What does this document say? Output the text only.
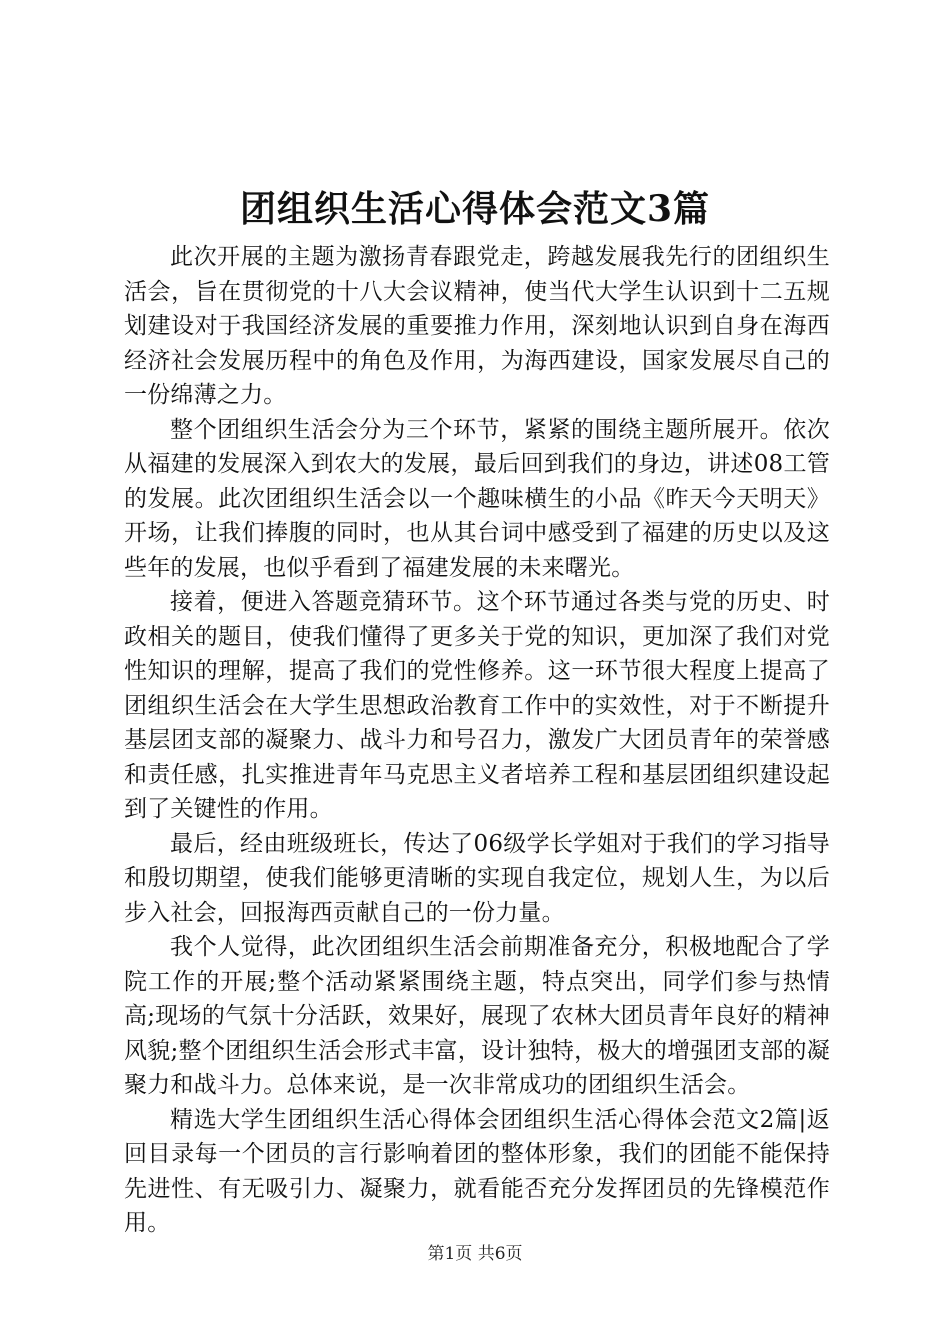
团组织生活心得体会范文3篇

此次开展的主题为激扬青春跟党走，跨越发展我先行的团组织生活会，旨在贯彻党的十八大会议精神，使当代大学生认识到十二五规划建设对于我国经济发展的重要推力作用，深刻地认识到自身在海西经济社会发展历程中的角色及作用，为海西建设，国家发展尽自己的一份绵薄之力。

整个团组织生活会分为三个环节，紧紧的围绕主题所展开。依次从福建的发展深入到农大的发展，最后回到我们的身边，讲述08工管的发展。此次团组织生活会以一个趣味横生的小品《昨天今天明天》开场，让我们捧腹的同时，也从其台词中感受到了福建的历史以及这些年的发展，也似乎看到了福建发展的未来曙光。

接着，便进入答题竞猜环节。这个环节通过各类与党的历史、时政相关的题目，使我们懂得了更多关于党的知识，更加深了我们对党性知识的理解，提高了我们的党性修养。这一环节很大程度上提高了团组织生活会在大学生思想政治教育工作中的实效性，对于不断提升基层团支部的凝聚力、战斗力和号召力，激发广大团员青年的荣誉感和责任感，扎实推进青年马克思主义者培养工程和基层团组织建设起到了关键性的作用。

最后，经由班级班长，传达了06级学长学姐对于我们的学习指导和殷切期望，使我们能够更清晰的实现自我定位，规划人生，为以后步入社会，回报海西贡献自己的一份力量。

我个人觉得，此次团组织生活会前期准备充分，积极地配合了学院工作的开展;整个活动紧紧围绕主题，特点突出，同学们参与热情高;现场的气氛十分活跃，效果好，展现了农林大团员青年良好的精神风貌;整个团组织生活会形式丰富，设计独特，极大的增强团支部的凝聚力和战斗力。总体来说，是一次非常成功的团组织生活会。

精选大学生团组织生活心得体会团组织生活心得体会范文2篇|返回目录每一个团员的言行影响着团的整体形象，我们的团能不能保持先进性、有无吸引力、凝聚力，就看能否充分发挥团员的先锋模范作用。

第1页 共6页
